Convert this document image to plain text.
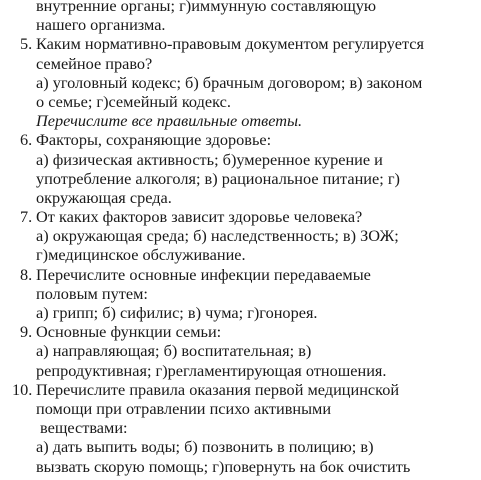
внутренние органы; г)иммунную составляющую
нашего организма.
5. Каким нормативно-правовым документом регулируется
семейное право?
а) уголовный кодекс; б) брачным договором; в) законом
о семье; г)семейный кодекс.
Перечислите все правильные ответы.
6. Факторы, сохраняющие здоровье:
а) физическая активность; б)умеренное курение и
употребление алкоголя; в) рациональное питание; г)
окружающая среда.
7. От каких факторов зависит здоровье человека?
а) окружающая среда; б) наследственность; в) ЗОЖ;
г)медицинское обслуживание.
8. Перечислите основные инфекции передаваемые
половым путем:
а) грипп; б) сифилис; в) чума; г)гонорея.
9. Основные функции семьи:
а) направляющая; б) воспитательная; в)
репродуктивная; г)регламентирующая отношения.
10. Перечислите правила оказания первой медицинской
помощи при отравлении психо активными
веществами:
а) дать выпить воды; б) позвонить в полицию; в)
вызвать скорую помощь; г)повернуть на бок очистить
